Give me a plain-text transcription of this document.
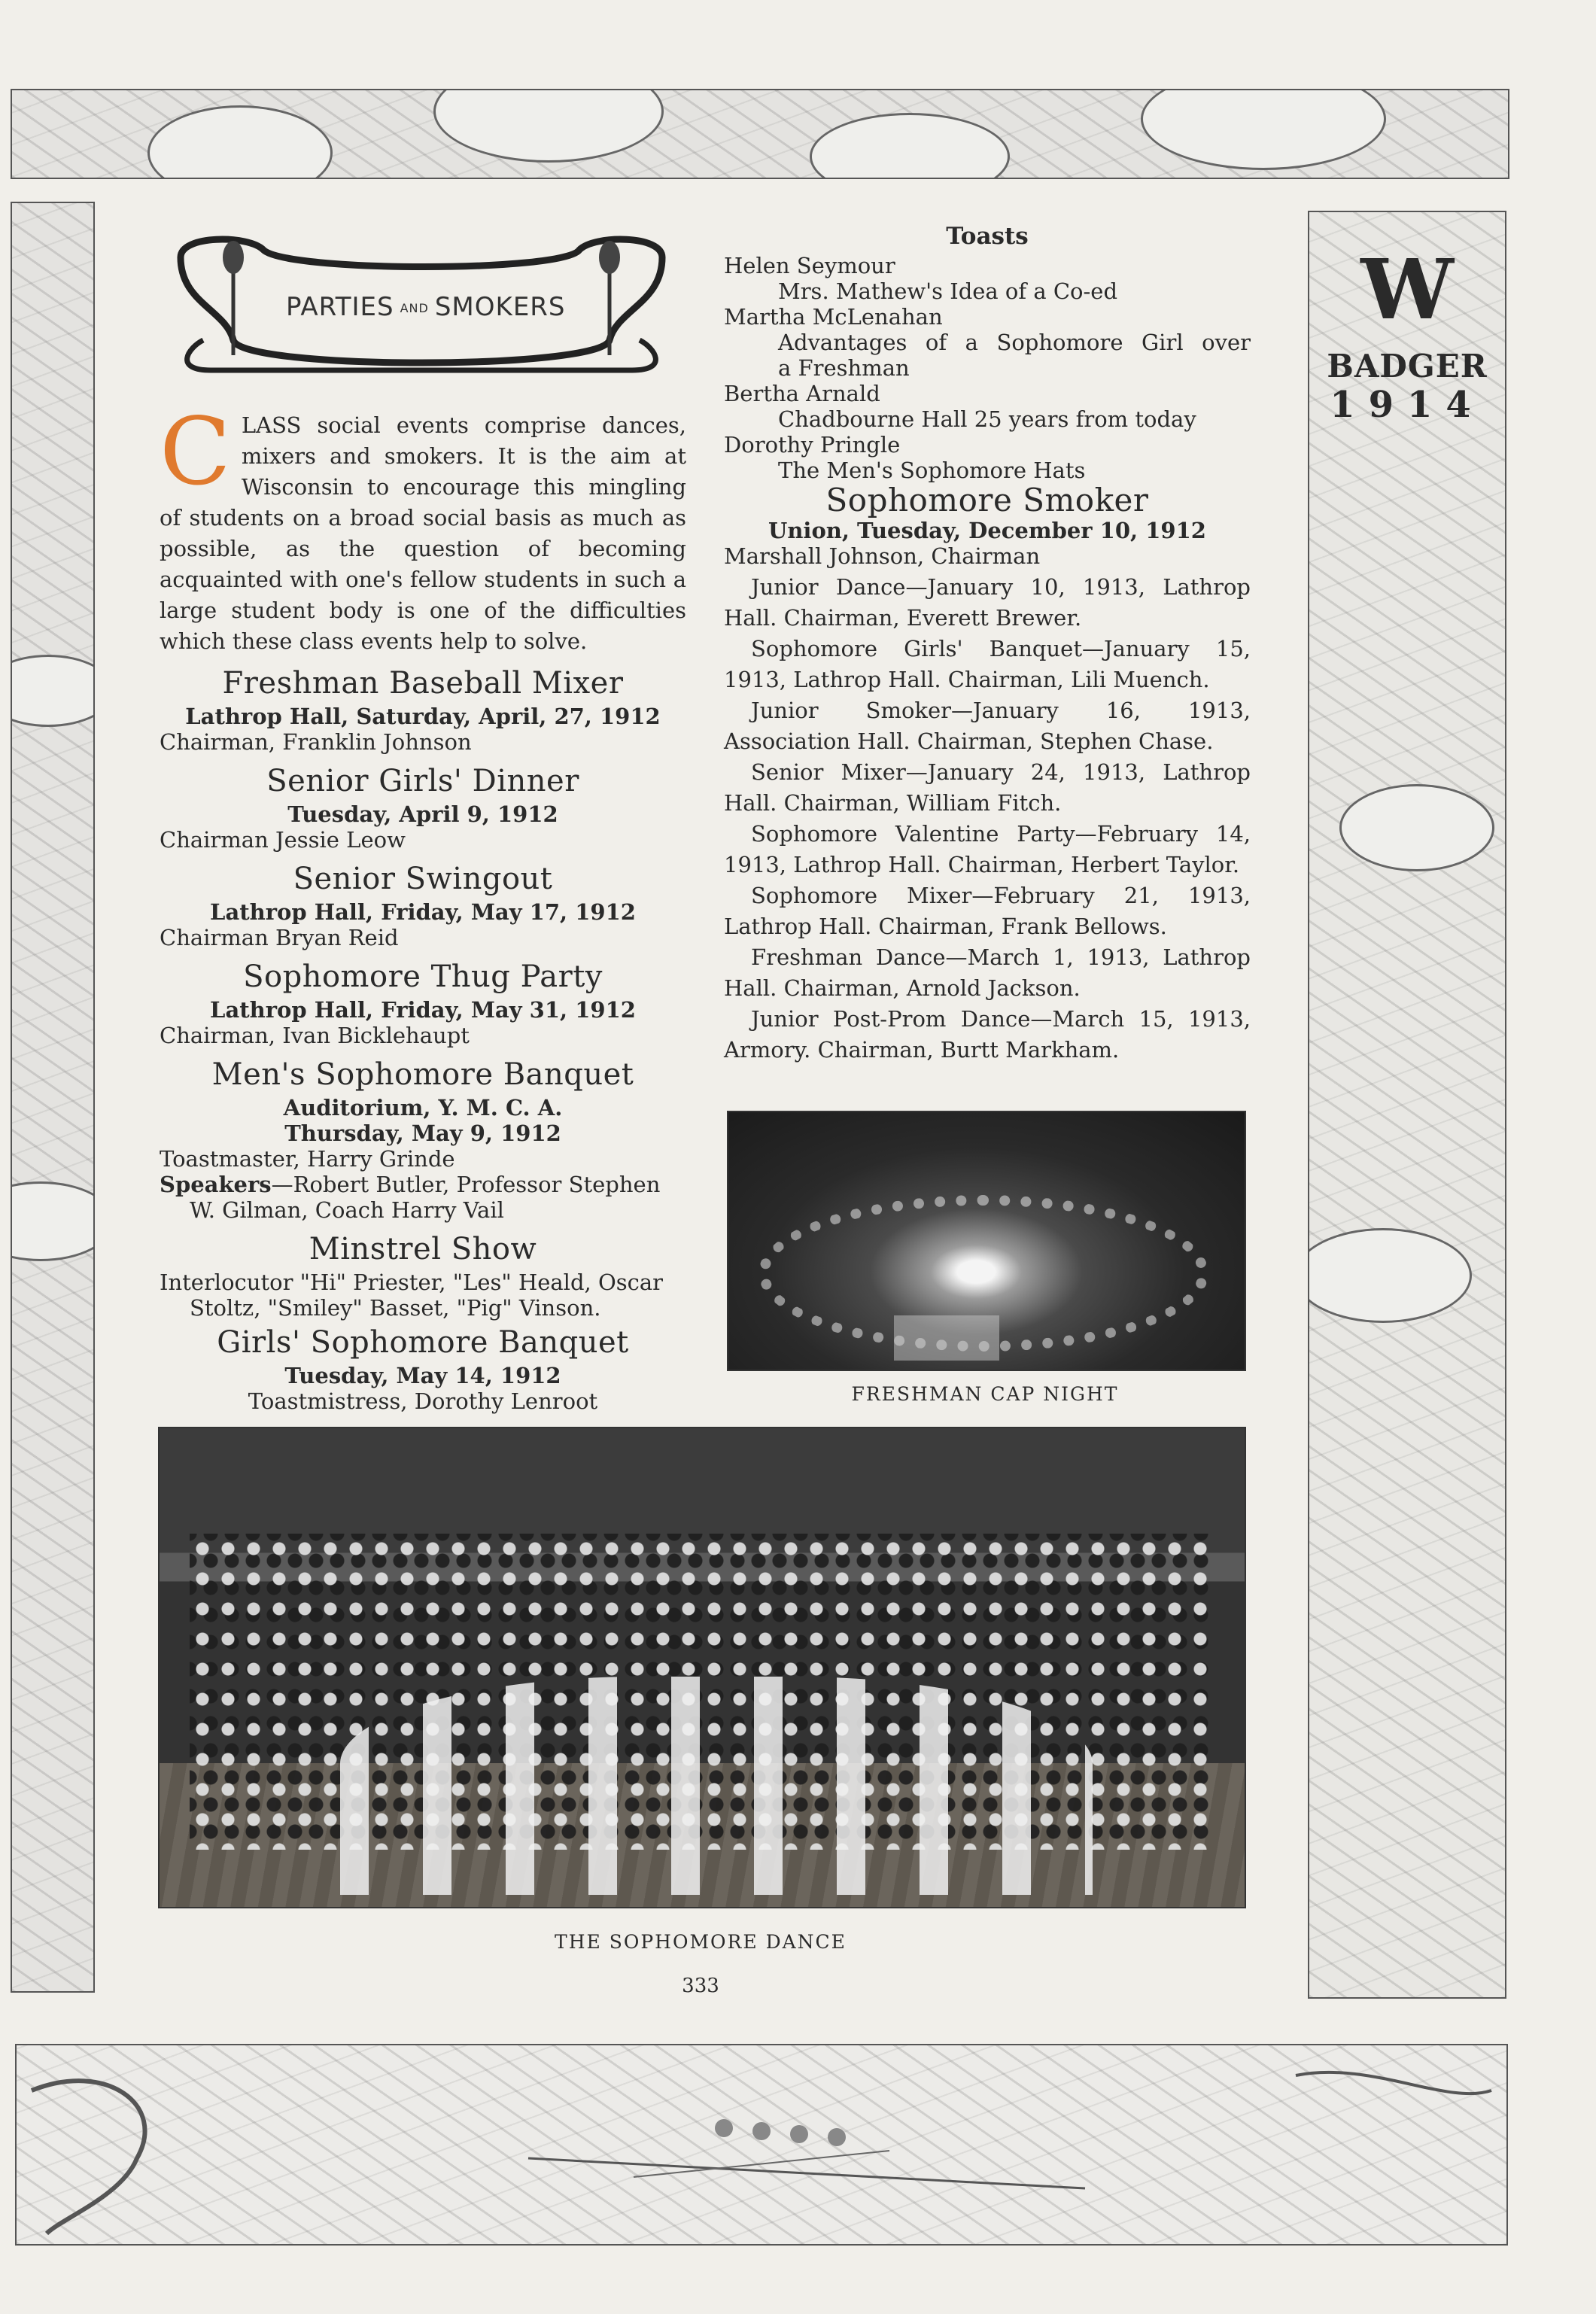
W
BADGER
1914
PARTIES AND SMOKERS

CLASS social events comprise dances, mixers and smokers. It is the aim at Wisconsin to encourage this mingling of students on a broad social basis as much as possible, as the question of becoming acquainted with one's fellow students in such a large student body is one of the difficulties which these class events help to solve.

Freshman Baseball Mixer

Lathrop Hall, Saturday, April, 27, 1912

Chairman, Franklin Johnson

Senior Girls' Dinner

Tuesday, April 9, 1912

Chairman Jessie Leow

Senior Swingout

Lathrop Hall, Friday, May 17, 1912

Chairman Bryan Reid

Sophomore Thug Party

Lathrop Hall, Friday, May 31, 1912

Chairman, Ivan Bicklehaupt

Men's Sophomore Banquet

Auditorium, Y. M. C. A.

Thursday, May 9, 1912

Toastmaster, Harry Grinde

Speakers—Robert Butler, Professor Stephen

W. Gilman, Coach Harry Vail

Minstrel Show

Interlocutor "Hi" Priester, "Les" Heald, Oscar

Stoltz, "Smiley" Basset, "Pig" Vinson.

Girls' Sophomore Banquet

Tuesday, May 14, 1912

Toastmistress, Dorothy Lenroot

Toasts

Helen Seymour

Mrs. Mathew's Idea of a Co-ed

Martha McLenahan

Advantages of a Sophomore Girl over

a Freshman

Bertha Arnald

Chadbourne Hall 25 years from today

Dorothy Pringle

The Men's Sophomore Hats

Sophomore Smoker

Union, Tuesday, December 10, 1912

Marshall Johnson, Chairman

Junior Dance—January 10, 1913, Lathrop Hall. Chairman, Everett Brewer.

Sophomore Girls' Banquet—January 15, 1913, Lathrop Hall. Chairman, Lili Muench.

Junior Smoker—January 16, 1913, Association Hall. Chairman, Stephen Chase.

Senior Mixer—January 24, 1913, Lathrop Hall. Chairman, William Fitch.

Sophomore Valentine Party—February 14, 1913, Lathrop Hall. Chairman, Herbert Taylor.

Sophomore Mixer—February 21, 1913, Lathrop Hall. Chairman, Frank Bellows.

Freshman Dance—March 1, 1913, Lathrop Hall. Chairman, Arnold Jackson.

Junior Post-Prom Dance—March 15, 1913, Armory. Chairman, Burtt Markham.

FRESHMAN CAP NIGHT
THE SOPHOMORE DANCE
333
